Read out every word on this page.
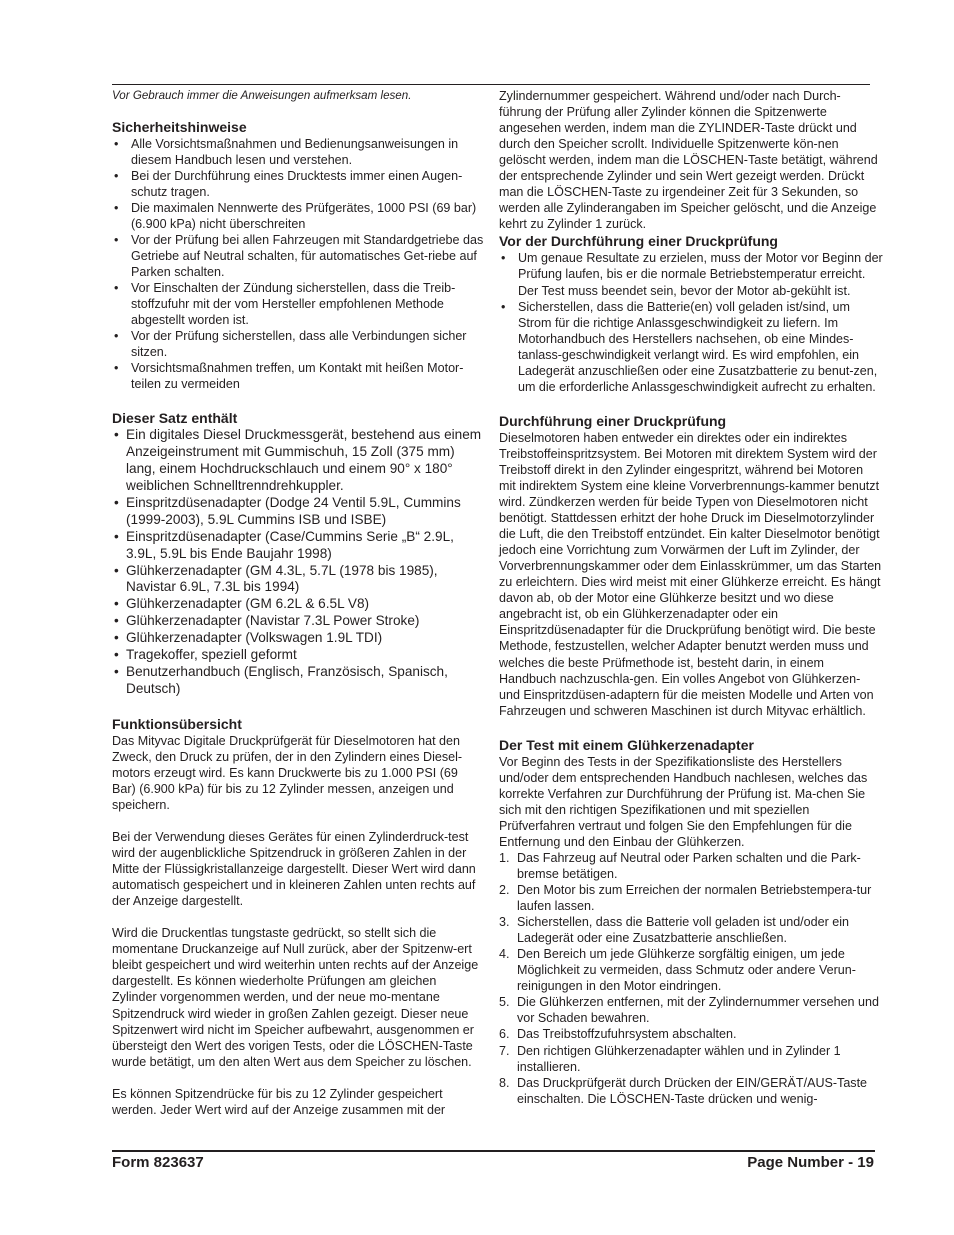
Vor Gebrauch immer die Anweisungen aufmerksam lesen.

Sicherheitshinweise
• Alle Vorsichtsmaßnahmen und Bedienungsanweisungen in diesem Handbuch lesen und verstehen.
• Bei der Durchführung eines Drucktests immer einen Augen-schutz tragen.
• Die maximalen Nennwerte des Prüfgerätes, 1000 PSI (69 bar) (6.900 kPa) nicht überschreiten
• Vor der Prüfung bei allen Fahrzeugen mit Standardgetriebe das Getriebe auf Neutral schalten, für automatisches Get-riebe auf Parken schalten.
• Vor Einschalten der Zündung sicherstellen, dass die Treib-stoffzufuhr mit der vom Hersteller empfohlenen Methode abgestellt worden ist.
• Vor der Prüfung sicherstellen, dass alle Verbindungen sicher sitzen.
• Vorsichtsmaßnahmen treffen, um Kontakt mit heißen Motor-teilen zu vermeiden
Dieser Satz enthält
• Ein digitales Diesel Druckmessgerät, bestehend aus einem Anzeigeinstrument mit Gummischuh, 15 Zoll (375 mm) lang, einem Hochdruckschlauch und einem 90° x 180° weiblichen Schnelltrenndrehkuppler.
• Einspritzdüsenadapter (Dodge 24 Ventil 5.9L, Cummins (1999-2003), 5.9L Cummins ISB und ISBE)
• Einspritzdüsenadapter (Case/Cummins Serie „B“ 2.9L, 3.9L, 5.9L bis Ende Baujahr 1998)
• Glühkerzenadapter (GM 4.3L, 5.7L (1978 bis 1985), Navistar 6.9L, 7.3L bis 1994)
• Glühkerzenadapter (GM 6.2L & 6.5L V8)
• Glühkerzenadapter (Navistar 7.3L Power Stroke)
• Glühkerzenadapter (Volkswagen 1.9L TDI)
• Tragekoffer, speziell geformt
• Benutzerhandbuch (Englisch, Französisch, Spanisch, Deutsch)
Funktionsübersicht

Das Mityvac Digitale Druckprüfgerät für Dieselmotoren hat den Zweck, den Druck zu prüfen, der in den Zylindern eines Diesel-motors erzeugt wird. Es kann Druckwerte bis zu 1.000 PSI (69 Bar) (6.900 kPa) für bis zu 12 Zylinder messen, anzeigen und speichern.

Bei der Verwendung dieses Gerätes für einen Zylinderdruck-test wird der augenblickliche Spitzendruck in größeren Zahlen in der Mitte der Flüssigkristallanzeige dargestellt. Dieser Wert wird dann automatisch gespeichert und in kleineren Zahlen unten rechts auf der Anzeige dargestellt.

Wird die Druckentlas tungstaste gedrückt, so stellt sich die momentane Druckanzeige auf Null zurück, aber der Spitzenw-ert bleibt gespeichert und wird weiterhin unten rechts auf der Anzeige dargestellt. Es können wiederholte Prüfungen am gleichen Zylinder vorgenommen werden, und der neue mo-mentane Spitzendruck wird wieder in großen Zahlen gezeigt. Dieser neue Spitzenwert wird nicht im Speicher aufbewahrt, ausgenommen er übersteigt den Wert des vorigen Tests, oder die LÖSCHEN-Taste wurde betätigt, um den alten Wert aus dem Speicher zu löschen.

Es können Spitzendrücke für bis zu 12 Zylinder gespeichert werden. Jeder Wert wird auf der Anzeige zusammen mit der

Zylindernummer gespeichert. Während und/oder nach Durch-führung der Prüfung aller Zylinder können die Spitzenwerte angesehen werden, indem man die ZYLINDER-Taste drückt und durch den Speicher scrollt. Individuelle Spitzenwerte kön-nen gelöscht werden, indem man die LÖSCHEN-Taste betätigt, während der entsprechende Zylinder und sein Wert gezeigt werden. Drückt man die LÖSCHEN-Taste zu irgendeiner Zeit für 3 Sekunden, so werden alle Zylinderangaben im Speicher gelöscht, und die Anzeige kehrt zu Zylinder 1 zurück.

Vor der Durchführung einer Druckprüfung
• Um genaue Resultate zu erzielen, muss der Motor vor Beginn der Prüfung laufen, bis er die normale Betriebstemperatur erreicht. Der Test muss beendet sein, bevor der Motor ab-gekühlt ist.
• Sicherstellen, dass die Batterie(en) voll geladen ist/sind, um Strom für die richtige Anlassgeschwindigkeit zu liefern. Im Motorhandbuch des Herstellers nachsehen, ob eine Mindes-tanlass-geschwindigkeit verlangt wird. Es wird empfohlen, ein Ladegerät anzuschließen oder eine Zusatzbatterie zu benut-zen, um die erforderliche Anlassgeschwindigkeit aufrecht zu erhalten.
Durchführung einer Druckprüfung

Dieselmotoren haben entweder ein direktes oder ein indirektes Treibstoffeinspritzsystem. Bei Motoren mit direktem System wird der Treibstoff direkt in den Zylinder eingespritzt, während bei Motoren mit indirektem System eine kleine Vorverbrennungs-kammer benutzt wird. Zündkerzen werden für beide Typen von Dieselmotoren nicht benötigt. Stattdessen erhitzt der hohe Druck im Dieselmotorzylinder die Luft, die den Treibstoff entzündet. Ein kalter Dieselmotor benötigt jedoch eine Vorrichtung zum Vorwärmen der Luft im Zylinder, der Vorverbrennungskammer oder dem Einlasskrümmer, um das Starten zu erleichtern. Dies wird meist mit einer Glühkerze erreicht. Es hängt davon ab, ob der Motor eine Glühkerze besitzt und wo diese angebracht ist, ob ein Glühkerzenadapter oder ein Einspritzdüsenadapter für die Druckprüfung benötigt wird. Die beste Methode, festzustellen, welcher Adapter benutzt werden muss und welches die beste Prüfmethode ist, besteht darin, in einem Handbuch nachzuschla-gen. Ein volles Angebot von Glühkerzen- und Einspritzdüsen-adaptern für die meisten Modelle und Arten von Fahrzeugen und schweren Maschinen ist durch Mityvac erhältlich.

Der Test mit einem Glühkerzenadapter

Vor Beginn des Tests in der Spezifikationsliste des Herstellers und/oder dem entsprechenden Handbuch nachlesen, welches das korrekte Verfahren zur Durchführung der Prüfung ist. Ma-chen Sie sich mit den richtigen Spezifikationen und mit speziellen Prüfverfahren vertraut und folgen Sie den Empfehlungen für die Entfernung und den Einbau der Glühkerzen.

1. Das Fahrzeug auf Neutral oder Parken schalten und die Park-bremse betätigen.
2. Den Motor bis zum Erreichen der normalen Betriebstempera-tur laufen lassen.
3. Sicherstellen, dass die Batterie voll geladen ist und/oder ein Ladegerät oder eine Zusatzbatterie anschließen.
4. Den Bereich um jede Glühkerze sorgfältig einigen, um jede Möglichkeit zu vermeiden, dass Schmutz oder andere Verun-reinigungen in den Motor eindringen.
5. Die Glühkerzen entfernen, mit der Zylindernummer versehen und vor Schaden bewahren.
6. Das Treibstoffzufuhrsystem abschalten.
7. Den richtigen Glühkerzenadapter wählen und in Zylinder 1 installieren.
8. Das Druckprüfgerät durch Drücken der EIN/GERÄT/AUS-Taste einschalten. Die LÖSCHEN-Taste drücken und wenig-
Form 823637	Page Number - 19
